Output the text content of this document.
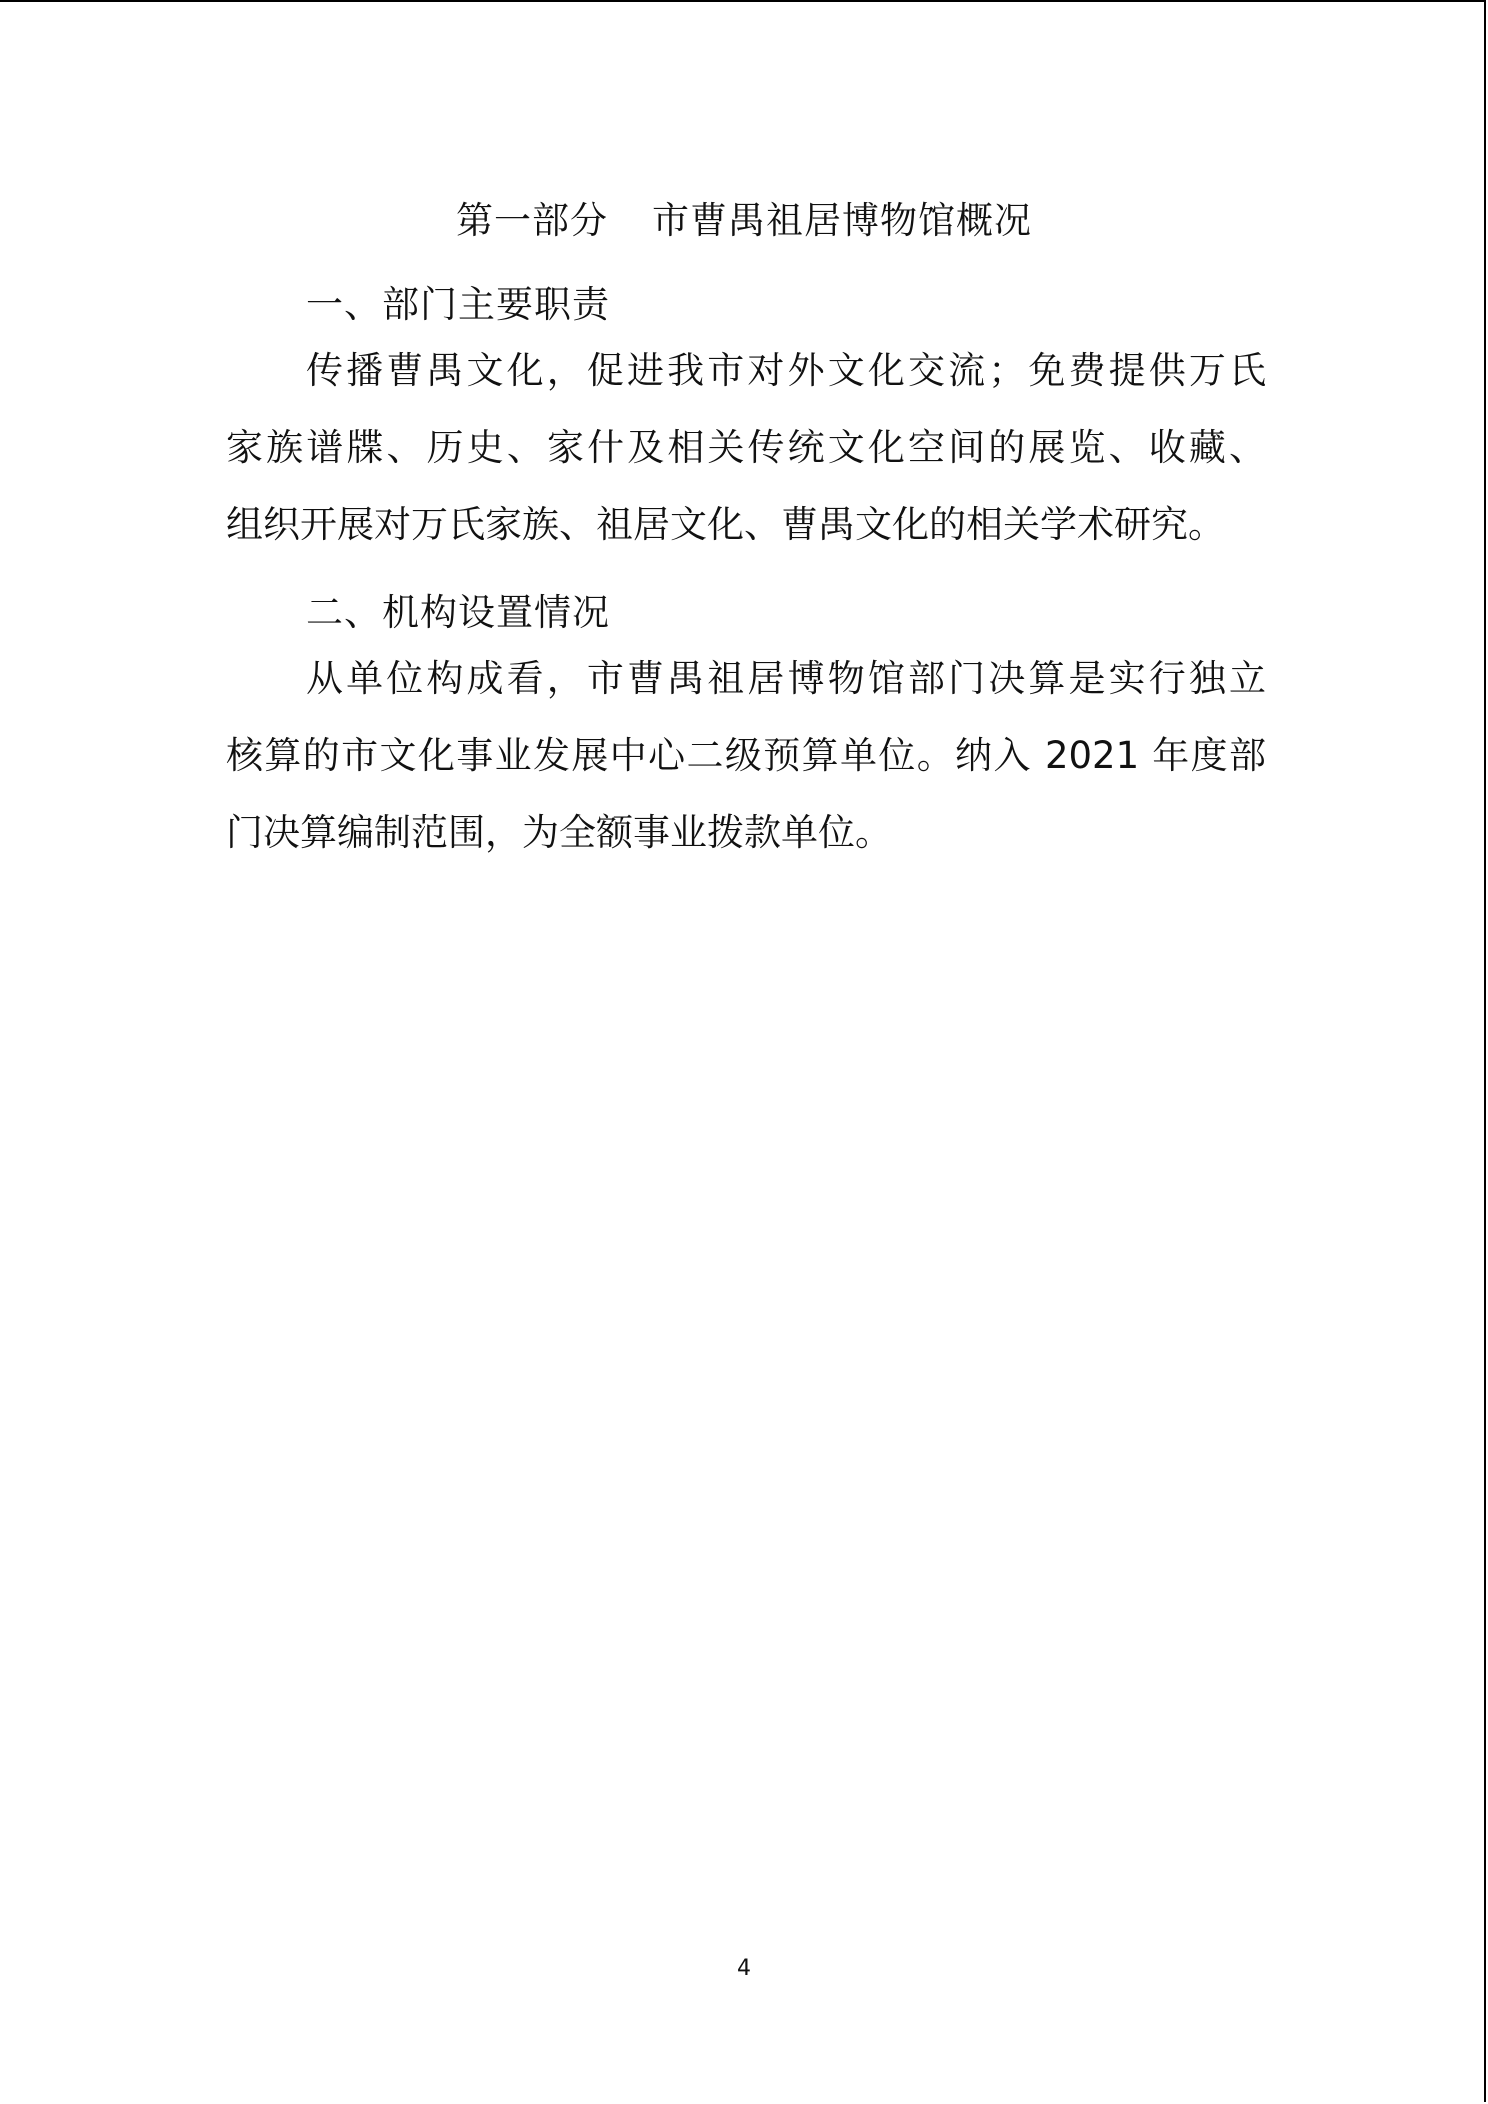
第一部分 市曹禺祖居博物馆概况
一、部门主要职责
传播曹禺文化，促进我市对外文化交流；免费提供万氏
家族谱牒、历史、家什及相关传统文化空间的展览、收藏、
组织开展对万氏家族、祖居文化、曹禺文化的相关学术研究。
二、机构设置情况
从单位构成看，市曹禺祖居博物馆部门决算是实行独立
核算的市文化事业发展中心二级预算单位。纳入 2021 年度部
门决算编制范围，为全额事业拨款单位。
4
